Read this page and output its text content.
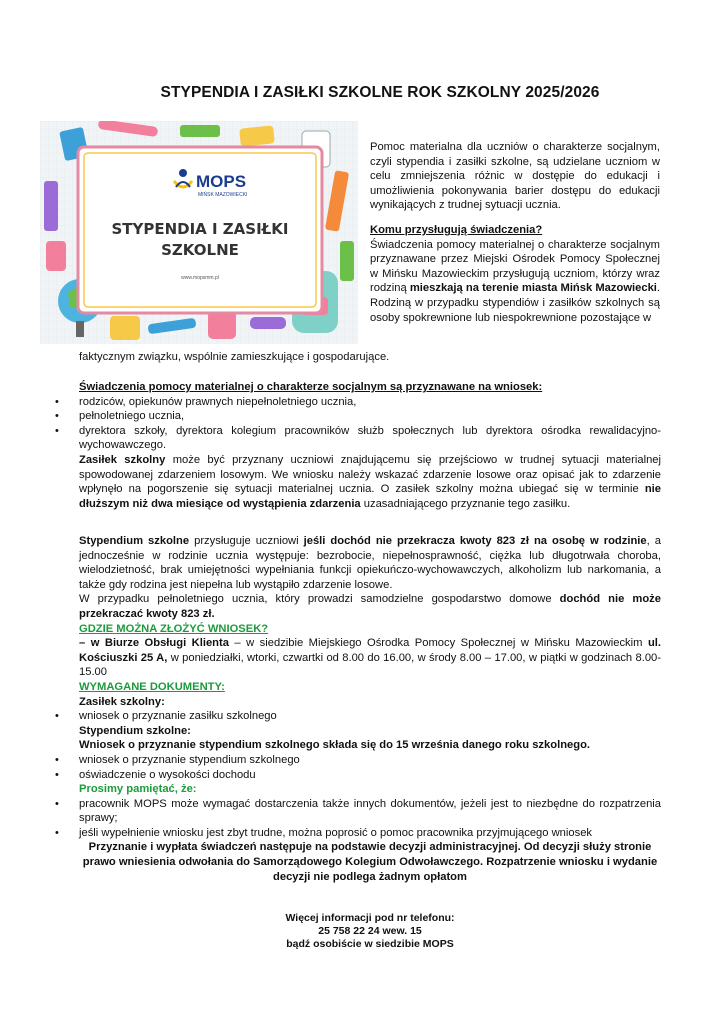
STYPENDIA I ZASIŁKI SZKOLNE ROK SZKOLNY 2025/2026
MOPS
MIŃSK MAZOWIECKI
STYPENDIA I ZASIŁKI
SZKOLNE
www.mopsmm.pl

Pomoc materialna dla uczniów o charakterze socjalnym, czyli stypendia i zasiłki szkolne, są udzielane uczniom w celu zmniejszenia różnic w dostępie do edukacji i umożliwienia pokonywania barier dostępu do edukacji wynikających z trudnej sytuacji ucznia.

Komu przysługują świadczenia?

Świadczenia pomocy materialnej o charakterze socjalnym przyznawane przez Miejski Ośrodek Pomocy Społecznej w Mińsku Mazowieckim przysługują uczniom, którzy wraz rodziną mieszkają na terenie miasta Mińsk Mazowiecki. Rodziną w przypadku stypendiów i zasiłków szkolnych są osoby spokrewnione lub niespokrewnione pozostające w

faktycznym związku, wspólnie zamieszkujące i gospodarujące.

Świadczenia pomocy materialnej o charakterze socjalnym są przyznawane na wniosek:

• rodziców, opiekunów prawnych niepełnoletniego ucznia,
• pełnoletniego ucznia,
• dyrektora szkoły, dyrektora kolegium pracowników służb społecznych lub dyrektora ośrodka rewalidacyjno-wychowawczego.

Zasiłek szkolny może być przyznany uczniowi znajdującemu się przejściowo w trudnej sytuacji materialnej spowodowanej zdarzeniem losowym. We wniosku należy wskazać zdarzenie losowe oraz opisać jak to zdarzenie wpłynęło na pogorszenie się sytuacji materialnej ucznia. O zasiłek szkolny można ubiegać się w terminie nie dłuższym niż dwa miesiące od wystąpienia zdarzenia uzasadniającego przyznanie tego zasiłku.

Stypendium szkolne przysługuje uczniowi jeśli dochód nie przekracza kwoty 823 zł na osobę w rodzinie, a jednocześnie w rodzinie ucznia występuje: bezrobocie, niepełnosprawność, ciężka lub długotrwała choroba, wielodzietność, brak umiejętności wypełniania funkcji opiekuńczo-wychowawczych, alkoholizm lub narkomania, a także gdy rodzina jest niepełna lub wystąpiło zdarzenie losowe.

W przypadku pełnoletniego ucznia, który prowadzi samodzielne gospodarstwo domowe dochód nie może przekraczać kwoty 823 zł.

GDZIE MOŻNA ZŁOŻYĆ WNIOSEK?

– w Biurze Obsługi Klienta – w siedzibie Miejskiego Ośrodka Pomocy Społecznej w Mińsku Mazowieckim ul. Kościuszki 25 A, w poniedziałki, wtorki, czwartki od 8.00 do 16.00, w środy 8.00 – 17.00, w piątki w godzinach 8.00-15.00

WYMAGANE DOKUMENTY:

Zasiłek szkolny:

• wniosek o przyznanie zasiłku szkolnego

Stypendium szkolne:

Wniosek o przyznanie stypendium szkolnego składa się do 15 września danego roku szkolnego.

• wniosek o przyznanie stypendium szkolnego
• oświadczenie o wysokości dochodu

Prosimy pamiętać, że:

• pracownik MOPS może wymagać dostarczenia także innych dokumentów, jeżeli jest to niezbędne do rozpatrzenia sprawy;
• jeśli wypełnienie wniosku jest zbyt trudne, można poprosić o pomoc pracownika przyjmującego wniosek

Przyznanie i wypłata świadczeń następuje na podstawie decyzji administracyjnej. Od decyzji służy stronie prawo wniesienia odwołania do Samorządowego Kolegium Odwoławczego. Rozpatrzenie wniosku i wydanie decyzji nie podlega żadnym opłatom

Więcej informacji pod nr telefonu:
25 758 22 24 wew. 15
bądź osobiście w siedzibie MOPS
